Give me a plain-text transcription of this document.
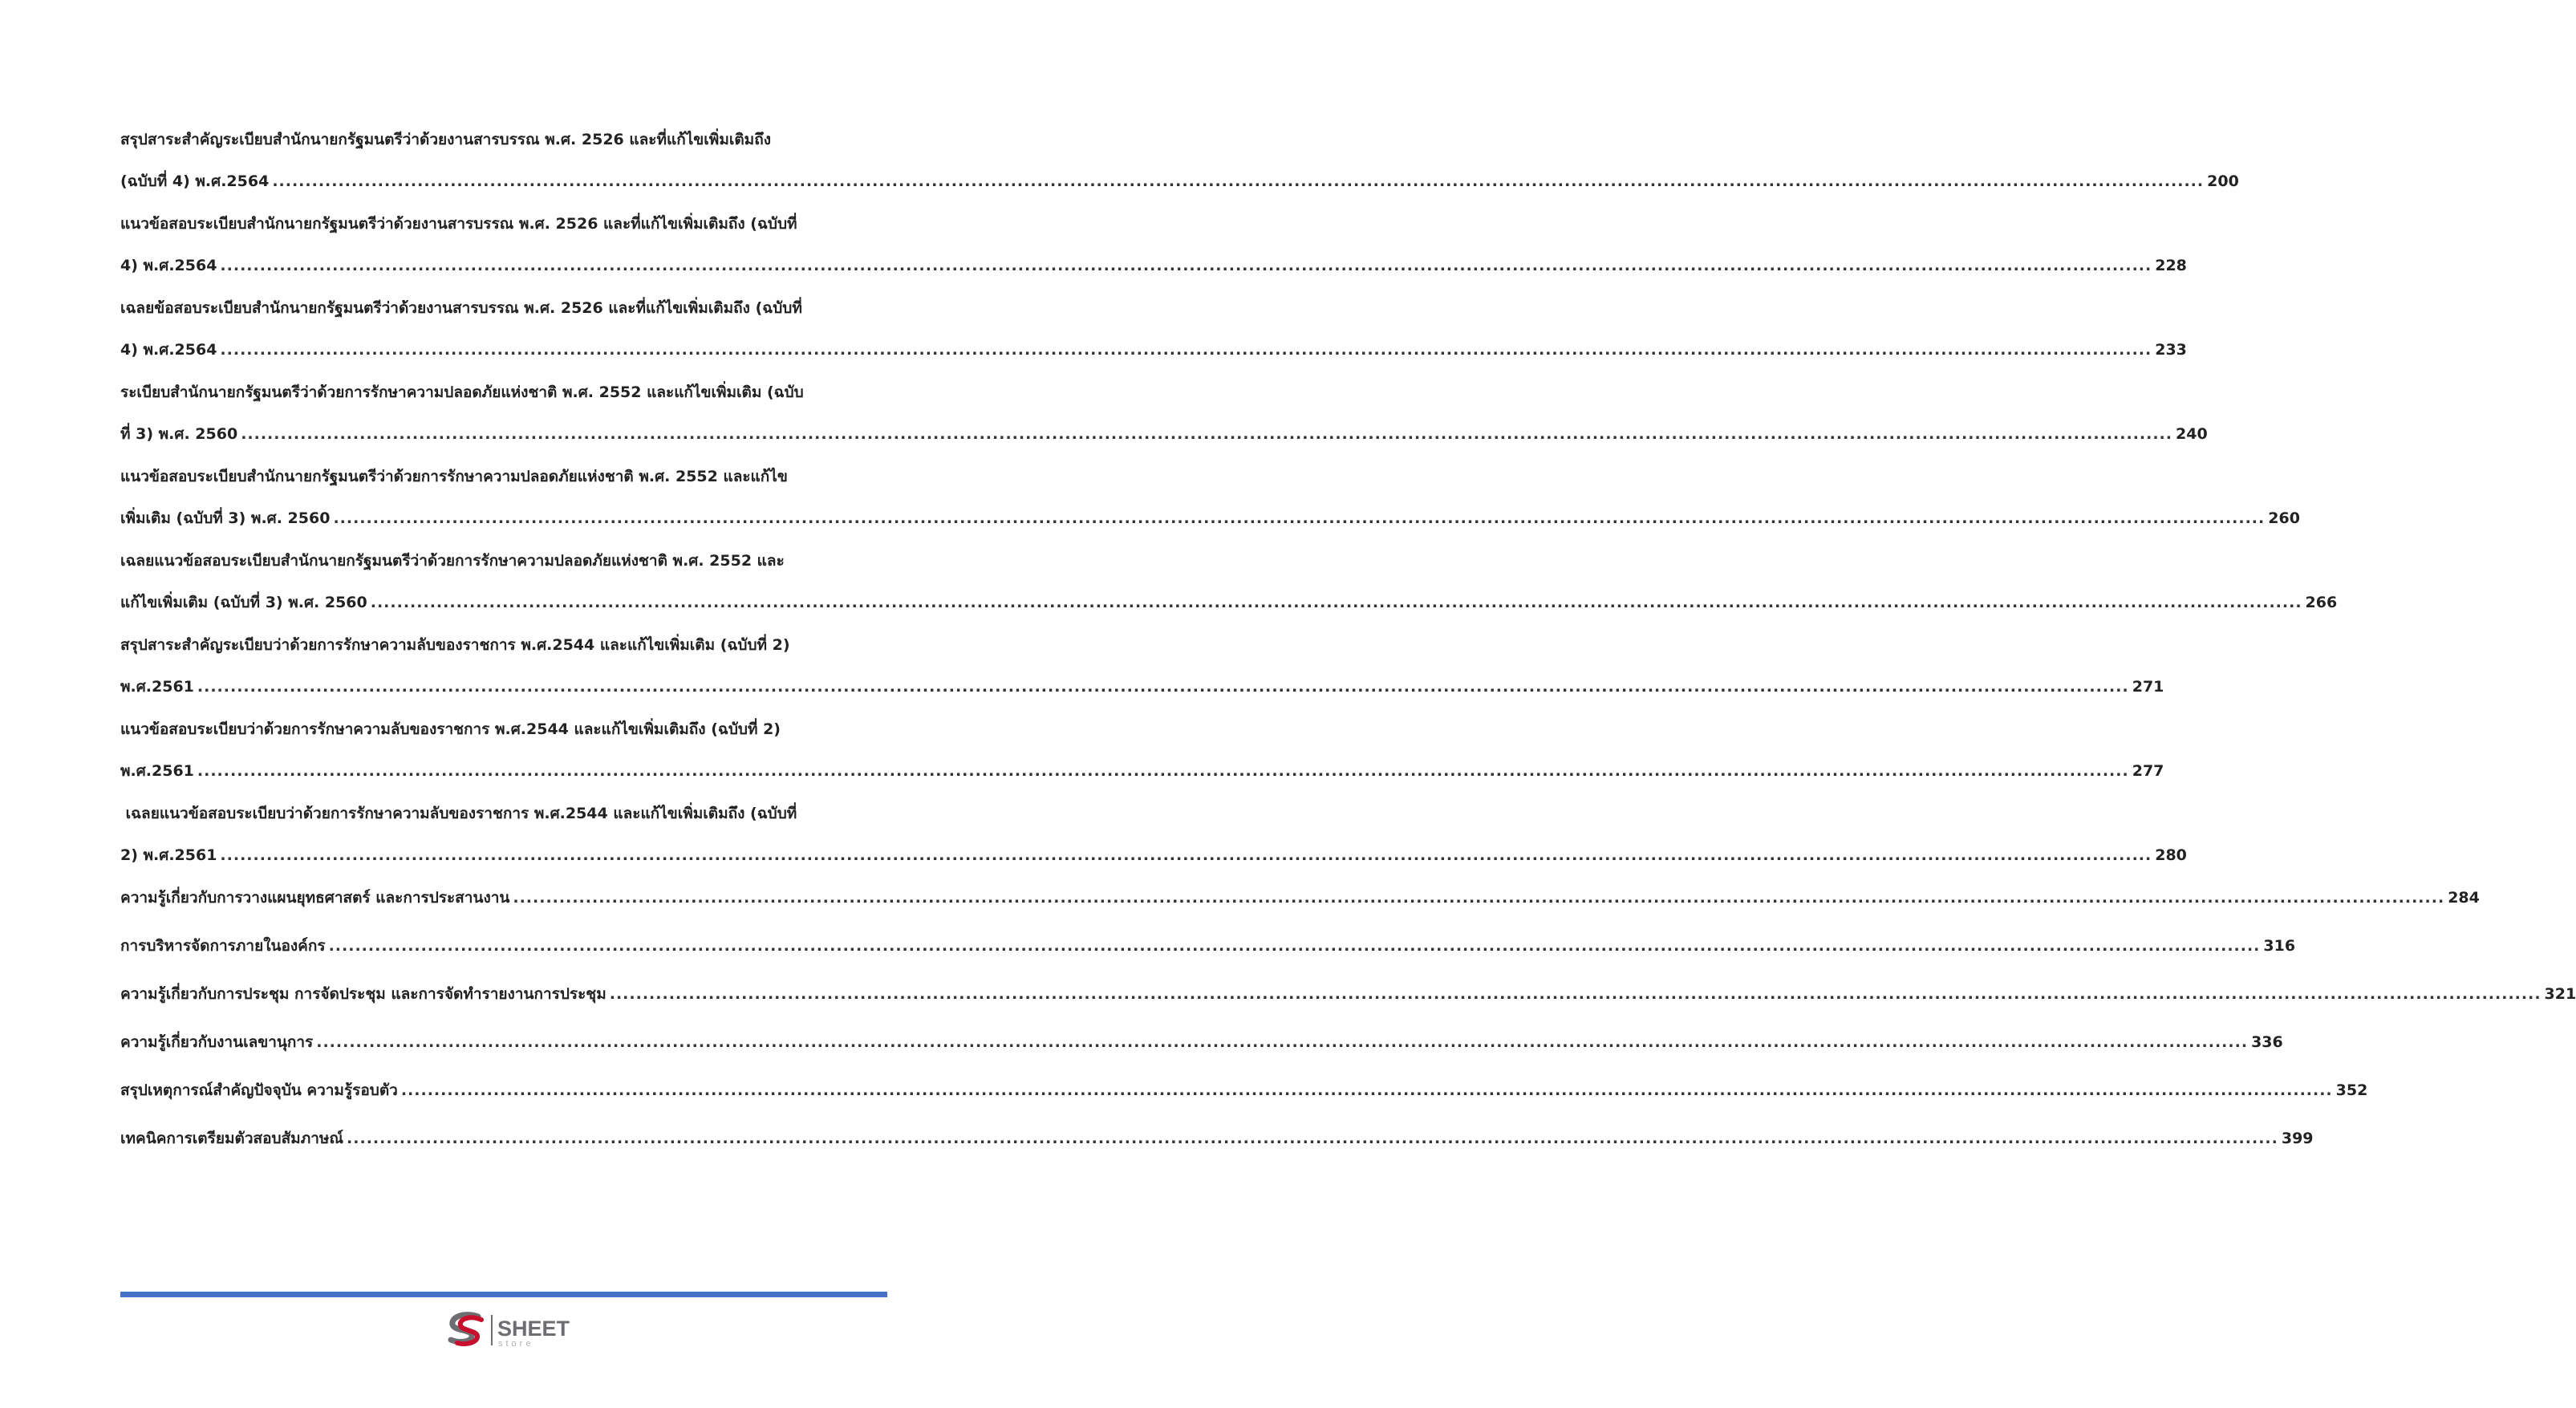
สรุปสาระสำคัญระเบียบสำนักนายกรัฐมนตรีว่าด้วยงานสารบรรณ พ.ศ. 2526 และที่แก้ไขเพิ่มเติมถึง
(ฉบับที่ 4) พ.ศ.2564 .....	200
แนวข้อสอบระเบียบสำนักนายกรัฐมนตรีว่าด้วยงานสารบรรณ พ.ศ. 2526 และที่แก้ไขเพิ่มเติมถึง (ฉบับที่
4) พ.ศ.2564 .....	228
เฉลยข้อสอบระเบียบสำนักนายกรัฐมนตรีว่าด้วยงานสารบรรณ พ.ศ. 2526 และที่แก้ไขเพิ่มเติมถึง (ฉบับที่
4) พ.ศ.2564 .....	233
ระเบียบสำนักนายกรัฐมนตรีว่าด้วยการรักษาความปลอดภัยแห่งชาติ พ.ศ. 2552 และแก้ไขเพิ่มเติม (ฉบับ
ที่ 3) พ.ศ. 2560 .....	240
แนวข้อสอบระเบียบสำนักนายกรัฐมนตรีว่าด้วยการรักษาความปลอดภัยแห่งชาติ พ.ศ. 2552 และแก้ไข
เพิ่มเติม (ฉบับที่ 3) พ.ศ. 2560 .....	260
เฉลยแนวข้อสอบระเบียบสำนักนายกรัฐมนตรีว่าด้วยการรักษาความปลอดภัยแห่งชาติ พ.ศ. 2552 และ
แก้ไขเพิ่มเติม (ฉบับที่ 3) พ.ศ. 2560 .....	266
สรุปสาระสำคัญระเบียบว่าด้วยการรักษาความลับของราชการ พ.ศ.2544 และแก้ไขเพิ่มเติม (ฉบับที่ 2)
พ.ศ.2561 .....	271
แนวข้อสอบระเบียบว่าด้วยการรักษาความลับของราชการ พ.ศ.2544 และแก้ไขเพิ่มเติมถึง (ฉบับที่ 2)
พ.ศ.2561 .....	277
เฉลยแนวข้อสอบระเบียบว่าด้วยการรักษาความลับของราชการ พ.ศ.2544 และแก้ไขเพิ่มเติมถึง (ฉบับที่
2) พ.ศ.2561 .....	280
ความรู้เกี่ยวกับการวางแผนยุทธศาสตร์ และการประสานงาน .....	284
การบริหารจัดการภายในองค์กร .....	316
ความรู้เกี่ยวกับการประชุม การจัดประชุม และการจัดทำรายงานการประชุม .....	321
ความรู้เกี่ยวกับงานเลขานุการ .....	336
สรุปเหตุการณ์สำคัญปัจจุบัน ความรู้รอบตัว .....	352
เทคนิคการเตรียมตัวสอบสัมภาษณ์ .....	399
SHEET
store
